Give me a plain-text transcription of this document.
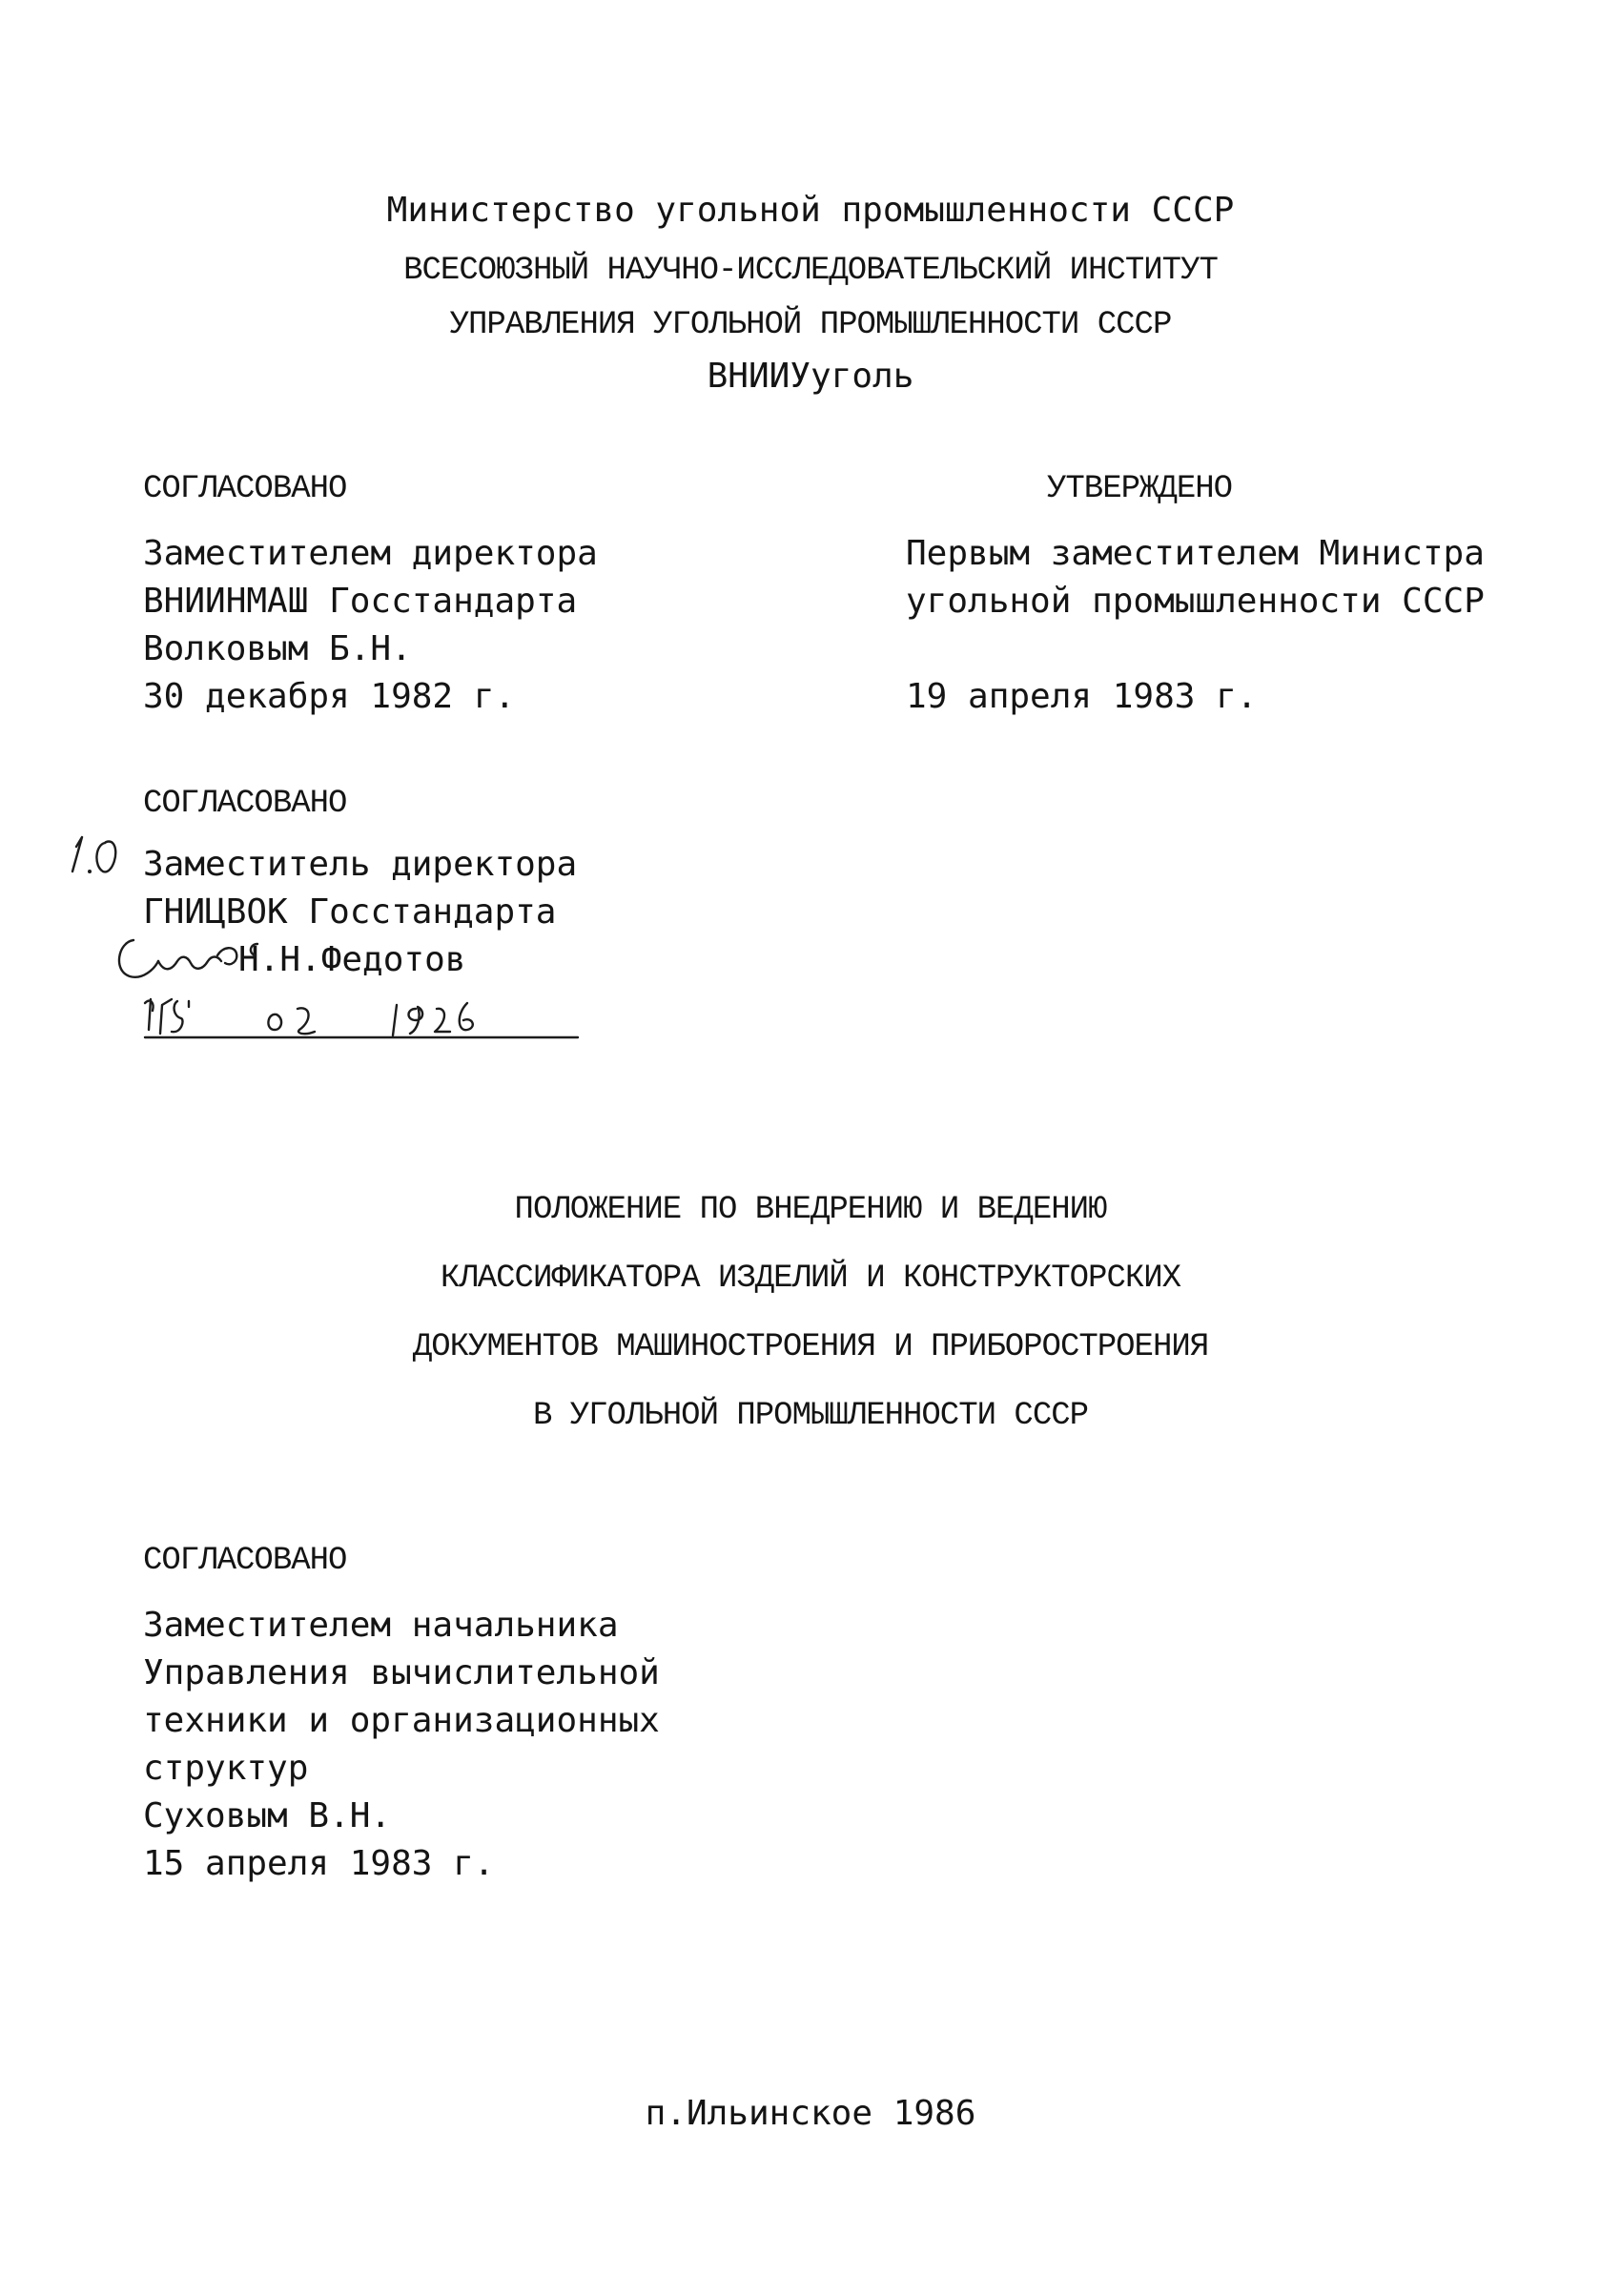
Министерство угольной промышленности СССР
ВСЕСОЮЗНЫЙ НАУЧНО-ИССЛЕДОВАТЕЛЬСКИЙ ИНСТИТУТ
УПРАВЛЕНИЯ УГОЛЬНОЙ ПРОМЫШЛЕННОСТИ СССР
ВНИИУуголь
СОГЛАСОВАНО
Заместителем директора
ВНИИНМАШ Госстандарта
Волковым Б.Н.
30 декабря 1982 г.
УТВЕРЖДЕНО
Первым заместителем Министра
угольной промышленности СССР
19 апреля 1983 г.
СОГЛАСОВАНО
Заместитель директора
ГНИЦВОК Госстандарта
Н.Н.Федотов
ПОЛОЖЕНИЕ ПО ВНЕДРЕНИЮ И ВЕДЕНИЮ
КЛАССИФИКАТОРА ИЗДЕЛИЙ И КОНСТРУКТОРСКИХ
ДОКУМЕНТОВ МАШИНОСТРОЕНИЯ И ПРИБОРОСТРОЕНИЯ
В УГОЛЬНОЙ ПРОМЫШЛЕННОСТИ СССР
СОГЛАСОВАНО
Заместителем начальника
Управления вычислительной
техники и организационных
структур
Суховым В.Н.
15 апреля 1983 г.
п.Ильинское 1986
